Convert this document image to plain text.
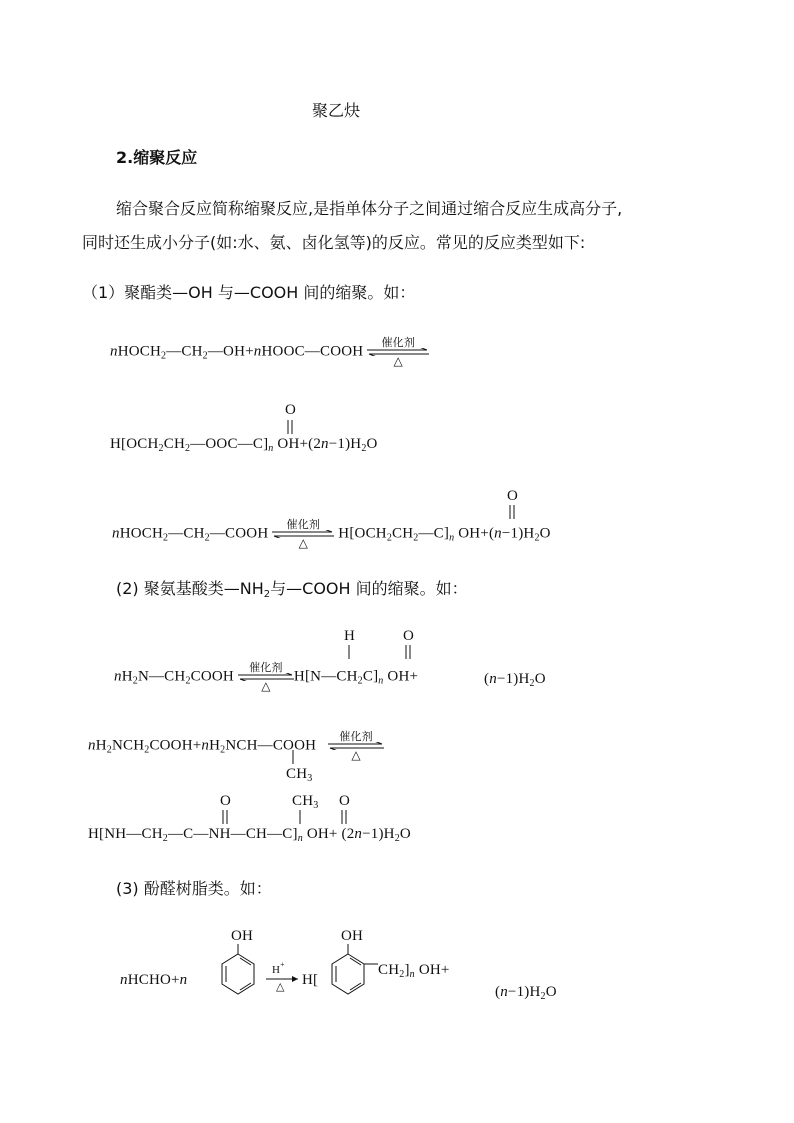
聚乙炔
2.缩聚反应
缩合聚合反应简称缩聚反应,是指单体分子之间通过缩合反应生成高分子,
同时还生成小分子(如:水、氨、卤化氢等)的反应。常见的反应类型如下:
（1）聚酯类—OH 与—COOH 间的缩聚。如：
$nHOCH_2—CH_2—OH+nHOOC—COOH$
催化剂
△
O
$H[OCH_2CH_2—OOC—C]_n$ $OH+(2n-1)H_2O$
O
$nHOCH_2—CH_2—COOH$
催化剂
△
$H[OCH_2CH_2—C]_n$ $OH+(n-1)H_2O$
(2) 聚氨基酸类$—NH_2$与—COOH 间的缩聚。如：
H	O
$nH_2N—CH_2COOH$
催化剂
△
$H[N—CH_2C]_n$ OH+	$(n-1)H_2O$
$nH_2NCH_2COOH+nH_2NCH—COOH$
催化剂
△
$CH_3$
O	$CH_3$ O
$H[NH—CH_2—C—NH—CH—C]_n$ $OH+ (2n-1)H_2O$
(3) 酚醛树脂类。如：
nHCHO+n
OH
H+
△ H[
OH
$CH_2]_n$ OH+
$(n-1)H_2O$
